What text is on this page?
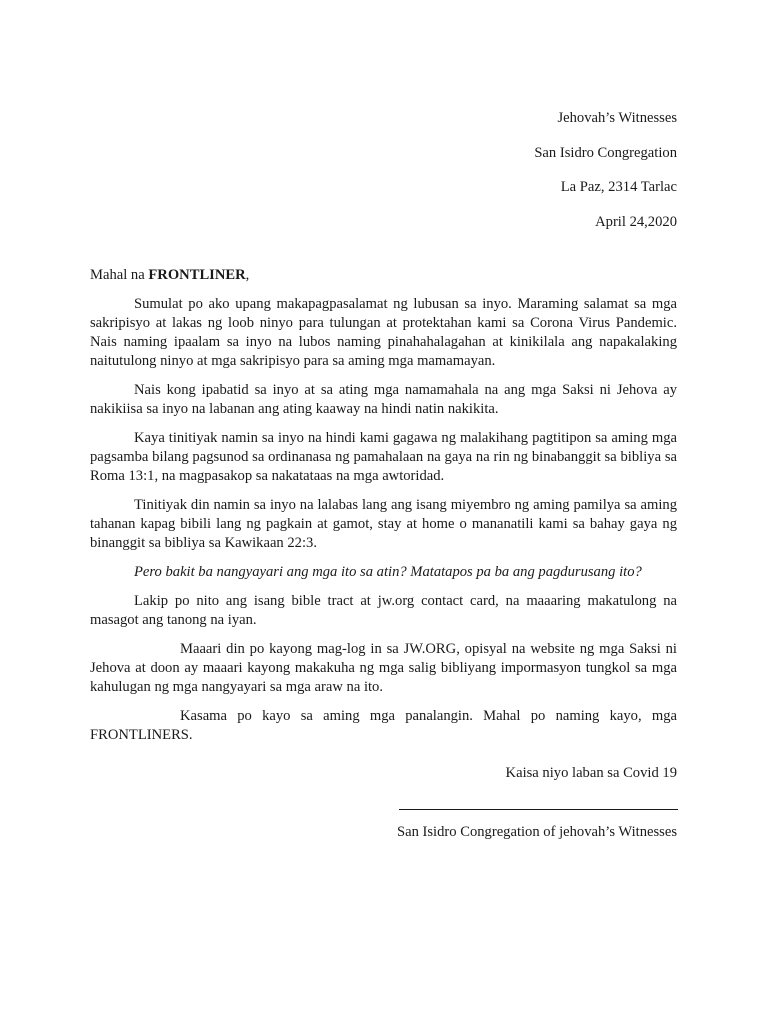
Jehovah’s Witnesses
San Isidro Congregation
La Paz, 2314 Tarlac
April 24,2020
Mahal na FRONTLINER,

Sumulat po ako upang makapagpasalamat ng lubusan sa inyo. Maraming salamat sa mga sakripisyo at lakas ng loob ninyo para tulungan at protektahan kami sa Corona Virus Pandemic. Nais naming ipaalam sa inyo na lubos naming pinahahalagahan at kinikilala ang napakalaking naitutulong ninyo at mga sakripisyo para sa aming mga mamamayan.

Nais kong ipabatid sa inyo at sa ating mga namamahala na ang mga Saksi ni Jehova ay nakikiisa sa inyo na labanan ang ating kaaway na hindi natin nakikita.

Kaya tinitiyak namin sa inyo na hindi kami gagawa ng malakihang pagtitipon sa aming mga pagsamba bilang pagsunod sa ordinanasa ng pamahalaan na gaya na rin ng binabanggit sa bibliya sa Roma 13:1, na magpasakop sa nakatataas na mga awtoridad.

Tinitiyak din namin sa inyo na lalabas lang ang isang miyembro ng aming pamilya sa aming tahanan kapag bibili lang ng pagkain at gamot, stay at home o mananatili kami sa bahay gaya ng binanggit sa bibliya sa Kawikaan 22:3.

Pero bakit ba nangyayari ang mga ito sa atin? Matatapos pa ba ang pagdurusang ito?

Lakip po nito ang isang bible tract at jw.org contact card, na maaaring makatulong na masagot ang tanong na iyan.

Maaari din po kayong mag-log in sa JW.ORG, opisyal na website ng mga Saksi ni Jehova at doon ay maaari kayong makakuha ng mga salig bibliyang impormasyon tungkol sa mga kahulugan ng mga nangyayari sa mga araw na ito.

Kasama po kayo sa aming mga panalangin. Mahal po naming kayo, mga FRONTLINERS.

Kaisa niyo laban sa Covid 19
San Isidro Congregation of jehovah’s Witnesses
